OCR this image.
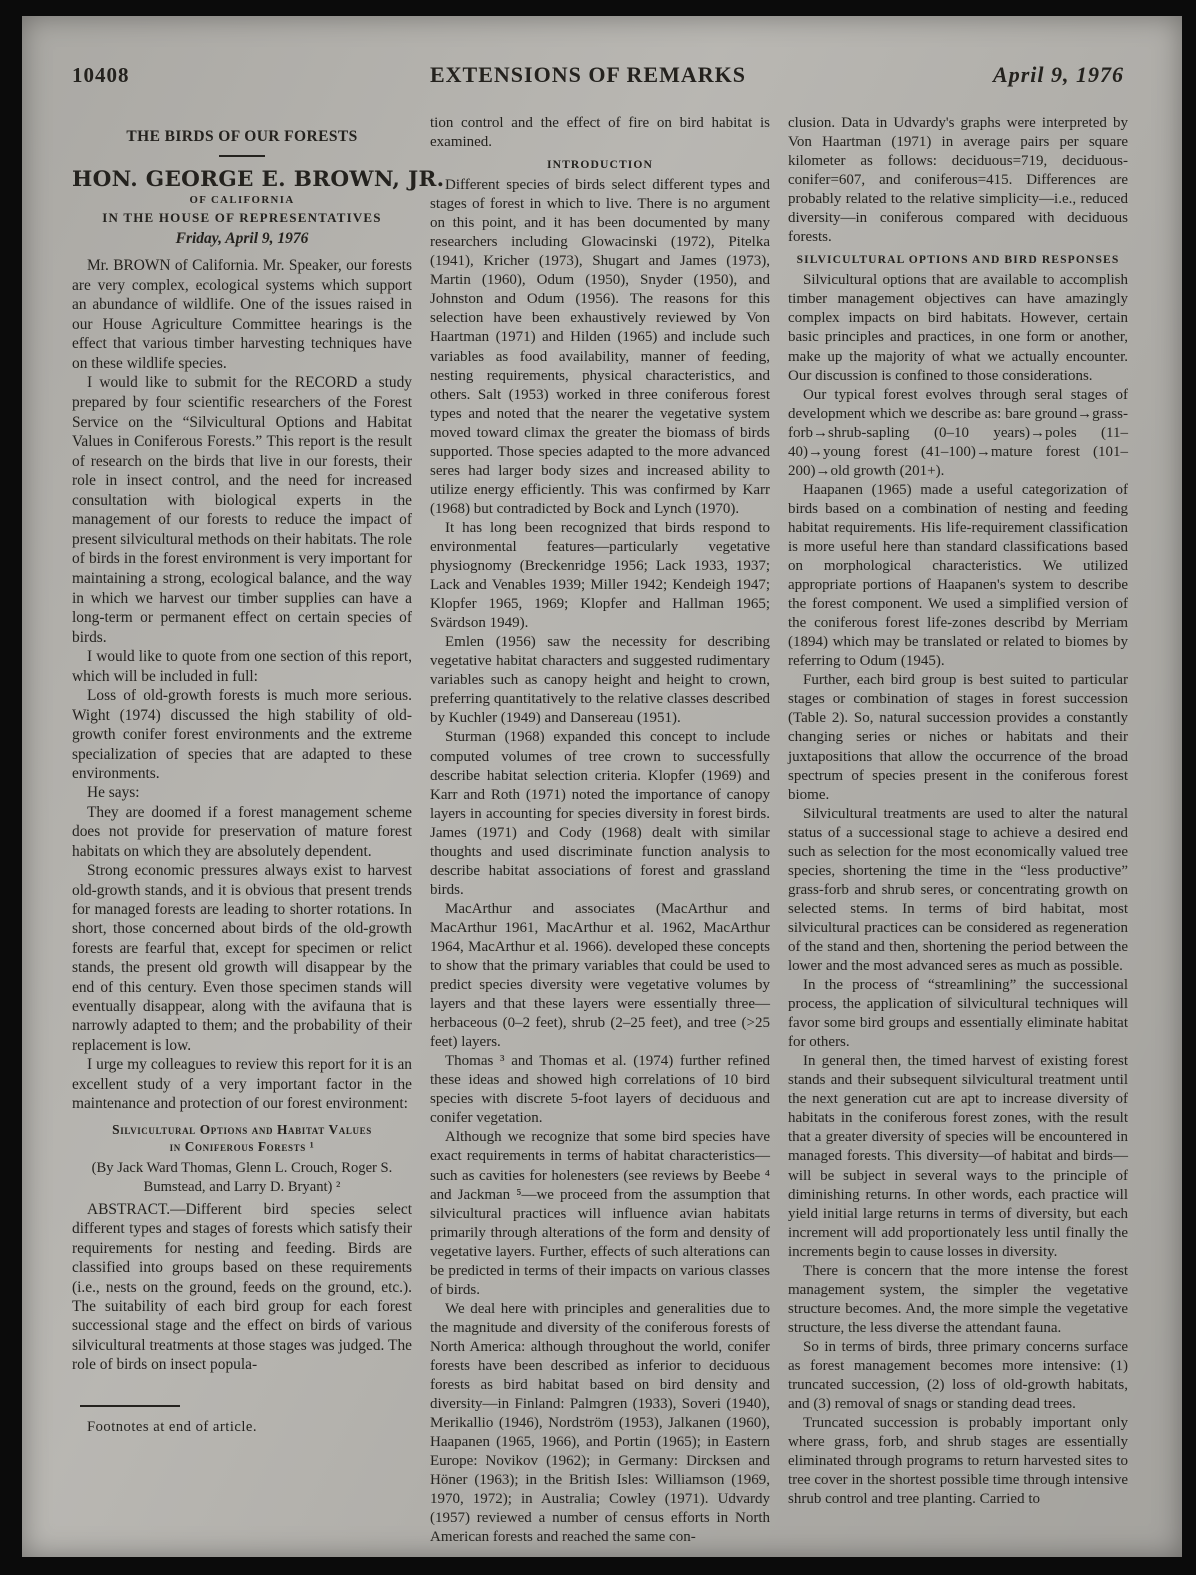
10408	EXTENSIONS OF REMARKS	April 9, 1976
THE BIRDS OF OUR FORESTS
HON. GEORGE E. BROWN, JR.
OF CALIFORNIA
IN THE HOUSE OF REPRESENTATIVES
Friday, April 9, 1976

Mr. BROWN of California. Mr. Speaker, our forests are very complex, ecological systems which support an abundance of wildlife. One of the issues raised in our House Agriculture Committee hearings is the effect that various timber harvesting techniques have on these wildlife species.

I would like to submit for the RECORD a study prepared by four scientific researchers of the Forest Service on the “Silvicultural Options and Habitat Values in Coniferous Forests.” This report is the result of research on the birds that live in our forests, their role in insect control, and the need for increased consultation with biological experts in the management of our forests to reduce the impact of present silvicultural methods on their habitats. The role of birds in the forest environment is very important for maintaining a strong, ecological balance, and the way in which we harvest our timber supplies can have a long-term or permanent effect on certain species of birds.

I would like to quote from one section of this report, which will be included in full:

Loss of old-growth forests is much more serious. Wight (1974) discussed the high stability of old-growth conifer forest environments and the extreme specialization of species that are adapted to these environments.

He says:

They are doomed if a forest management scheme does not provide for preservation of mature forest habitats on which they are absolutely dependent.

Strong economic pressures always exist to harvest old-growth stands, and it is obvious that present trends for managed forests are leading to shorter rotations. In short, those concerned about birds of the old-growth forests are fearful that, except for specimen or relict stands, the present old growth will disappear by the end of this century. Even those specimen stands will eventually disappear, along with the avifauna that is narrowly adapted to them; and the probability of their replacement is low.

I urge my colleagues to review this report for it is an excellent study of a very important factor in the maintenance and protection of our forest environment:

Silvicultural Options and Habitat Values
in Coniferous Forests ¹
(By Jack Ward Thomas, Glenn L. Crouch, Roger S. Bumstead, and Larry D. Bryant) ²

ABSTRACT.—Different bird species select different types and stages of forests which satisfy their requirements for nesting and feeding. Birds are classified into groups based on these requirements (i.e., nests on the ground, feeds on the ground, etc.). The suitability of each bird group for each forest successional stage and the effect on birds of various silvicultural treatments at those stages was judged. The role of birds on insect popula-

Footnotes at end of article.

tion control and the effect of fire on bird habitat is examined.

INTRODUCTION

Different species of birds select different types and stages of forest in which to live. There is no argument on this point, and it has been documented by many researchers including Glowacinski (1972), Pitelka (1941), Kricher (1973), Shugart and James (1973), Martin (1960), Odum (1950), Snyder (1950), and Johnston and Odum (1956). The reasons for this selection have been exhaustively reviewed by Von Haartman (1971) and Hilden (1965) and include such variables as food availability, manner of feeding, nesting requirements, physical characteristics, and others. Salt (1953) worked in three coniferous forest types and noted that the nearer the vegetative system moved toward climax the greater the biomass of birds supported. Those species adapted to the more advanced seres had larger body sizes and increased ability to utilize energy efficiently. This was confirmed by Karr (1968) but contradicted by Bock and Lynch (1970).

It has long been recognized that birds respond to environmental features—particularly vegetative physiognomy (Breckenridge 1956; Lack 1933, 1937; Lack and Venables 1939; Miller 1942; Kendeigh 1947; Klopfer 1965, 1969; Klopfer and Hallman 1965; Svärdson 1949).

Emlen (1956) saw the necessity for describing vegetative habitat characters and suggested rudimentary variables such as canopy height and height to crown, preferring quantitatively to the relative classes described by Kuchler (1949) and Dansereau (1951).

Sturman (1968) expanded this concept to include computed volumes of tree crown to successfully describe habitat selection criteria. Klopfer (1969) and Karr and Roth (1971) noted the importance of canopy layers in accounting for species diversity in forest birds. James (1971) and Cody (1968) dealt with similar thoughts and used discriminate function analysis to describe habitat associations of forest and grassland birds.

MacArthur and associates (MacArthur and MacArthur 1961, MacArthur et al. 1962, MacArthur 1964, MacArthur et al. 1966). developed these concepts to show that the primary variables that could be used to predict species diversity were vegetative volumes by layers and that these layers were essentially three—herbaceous (0–2 feet), shrub (2–25 feet), and tree (>25 feet) layers.

Thomas ³ and Thomas et al. (1974) further refined these ideas and showed high correlations of 10 bird species with discrete 5-foot layers of deciduous and conifer vegetation.

Although we recognize that some bird species have exact requirements in terms of habitat characteristics—such as cavities for holenesters (see reviews by Beebe ⁴ and Jackman ⁵—we proceed from the assumption that silvicultural practices will influence avian habitats primarily through alterations of the form and density of vegetative layers. Further, effects of such alterations can be predicted in terms of their impacts on various classes of birds.

We deal here with principles and generalities due to the magnitude and diversity of the coniferous forests of North America: although throughout the world, conifer forests have been described as inferior to deciduous forests as bird habitat based on bird density and diversity—in Finland: Palmgren (1933), Soveri (1940), Merikallio (1946), Nordström (1953), Jalkanen (1960), Haapanen (1965, 1966), and Portin (1965); in Eastern Europe: Novikov (1962); in Germany: Dircksen and Höner (1963); in the British Isles: Williamson (1969, 1970, 1972); in Australia; Cowley (1971). Udvardy (1957) reviewed a number of census efforts in North American forests and reached the same con-

clusion. Data in Udvardy's graphs were interpreted by Von Haartman (1971) in average pairs per square kilometer as follows: deciduous=719, deciduous-conifer=607, and coniferous=415. Differences are probably related to the relative simplicity—i.e., reduced diversity—in coniferous compared with deciduous forests.

SILVICULTURAL OPTIONS AND BIRD RESPONSES

Silvicultural options that are available to accomplish timber management objectives can have amazingly complex impacts on bird habitats. However, certain basic principles and practices, in one form or another, make up the majority of what we actually encounter. Our discussion is confined to those considerations.

Our typical forest evolves through seral stages of development which we describe as: bare ground→grass-forb→shrub-sapling (0–10 years)→poles (11–40)→young forest (41–100)→mature forest (101–200)→old growth (201+).

Haapanen (1965) made a useful categorization of birds based on a combination of nesting and feeding habitat requirements. His life-requirement classification is more useful here than standard classifications based on morphological characteristics. We utilized appropriate portions of Haapanen's system to describe the forest component. We used a simplified version of the coniferous forest life-zones describd by Merriam (1894) which may be translated or related to biomes by referring to Odum (1945).

Further, each bird group is best suited to particular stages or combination of stages in forest succession (Table 2). So, natural succession provides a constantly changing series or niches or habitats and their juxtapositions that allow the occurrence of the broad spectrum of species present in the coniferous forest biome.

Silvicultural treatments are used to alter the natural status of a successional stage to achieve a desired end such as selection for the most economically valued tree species, shortening the time in the “less productive” grass-forb and shrub seres, or concentrating growth on selected stems. In terms of bird habitat, most silvicultural practices can be considered as regeneration of the stand and then, shortening the period between the lower and the most advanced seres as much as possible.

In the process of “streamlining” the successional process, the application of silvicultural techniques will favor some bird groups and essentially eliminate habitat for others.

In general then, the timed harvest of existing forest stands and their subsequent silvicultural treatment until the next generation cut are apt to increase diversity of habitats in the coniferous forest zones, with the result that a greater diversity of species will be encountered in managed forests. This diversity—of habitat and birds—will be subject in several ways to the principle of diminishing returns. In other words, each practice will yield initial large returns in terms of diversity, but each increment will add proportionately less until finally the increments begin to cause losses in diversity.

There is concern that the more intense the forest management system, the simpler the vegetative structure becomes. And, the more simple the vegetative structure, the less diverse the attendant fauna.

So in terms of birds, three primary concerns surface as forest management becomes more intensive: (1) truncated succession, (2) loss of old-growth habitats, and (3) removal of snags or standing dead trees.

Truncated succession is probably important only where grass, forb, and shrub stages are essentially eliminated through programs to return harvested sites to tree cover in the shortest possible time through intensive shrub control and tree planting. Carried to
